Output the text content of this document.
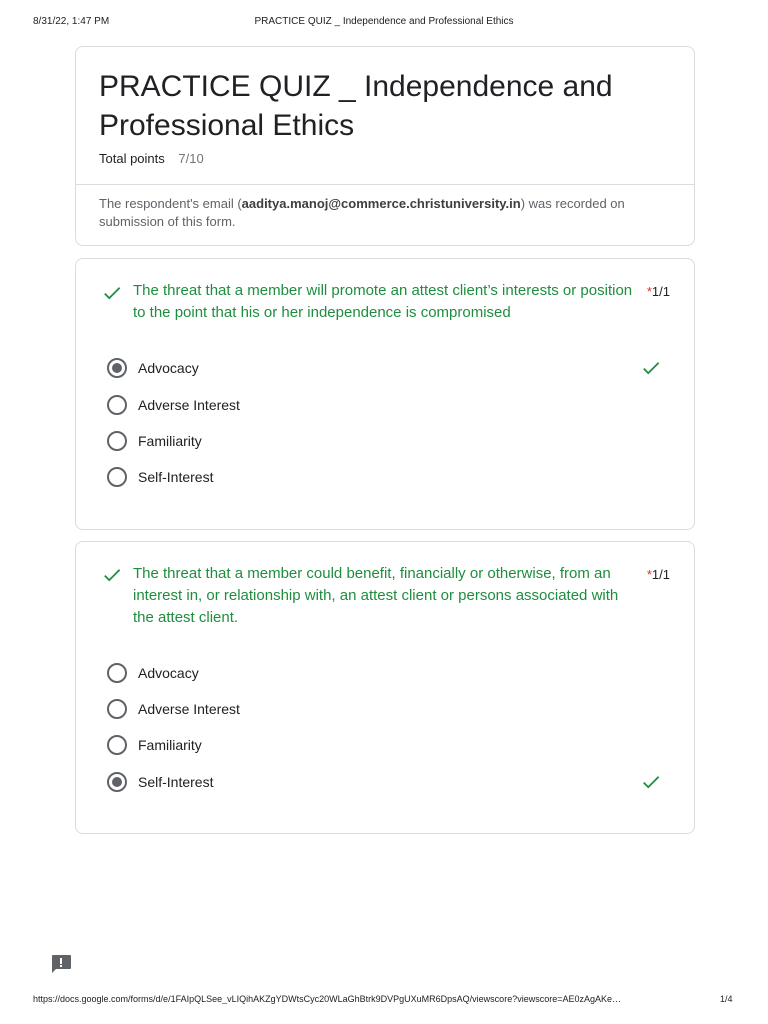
8/31/22, 1:47 PM	PRACTICE QUIZ _ Independence and Professional Ethics
PRACTICE QUIZ _ Independence and Professional Ethics
Total points 7/10
The respondent's email (aaditya.manoj@commerce.christuniversity.in) was recorded on submission of this form.
The threat that a member will promote an attest client’s interests or position to the point that his or her independence is compromised
*1/1
Advocacy
Adverse Interest
Familiarity
Self-Interest
The threat that a member could benefit, financially or otherwise, from an interest in, or relationship with, an attest client or persons associated with the attest client.
*1/1
Advocacy
Adverse Interest
Familiarity
Self-Interest
https://docs.google.com/forms/d/e/1FAIpQLSee_vLIQihAKZgYDWtsCyc20WLaGhBtrk9DVPgUXuMR6DpsAQ/viewscore?viewscore=AE0zAgAKe…	1/4
